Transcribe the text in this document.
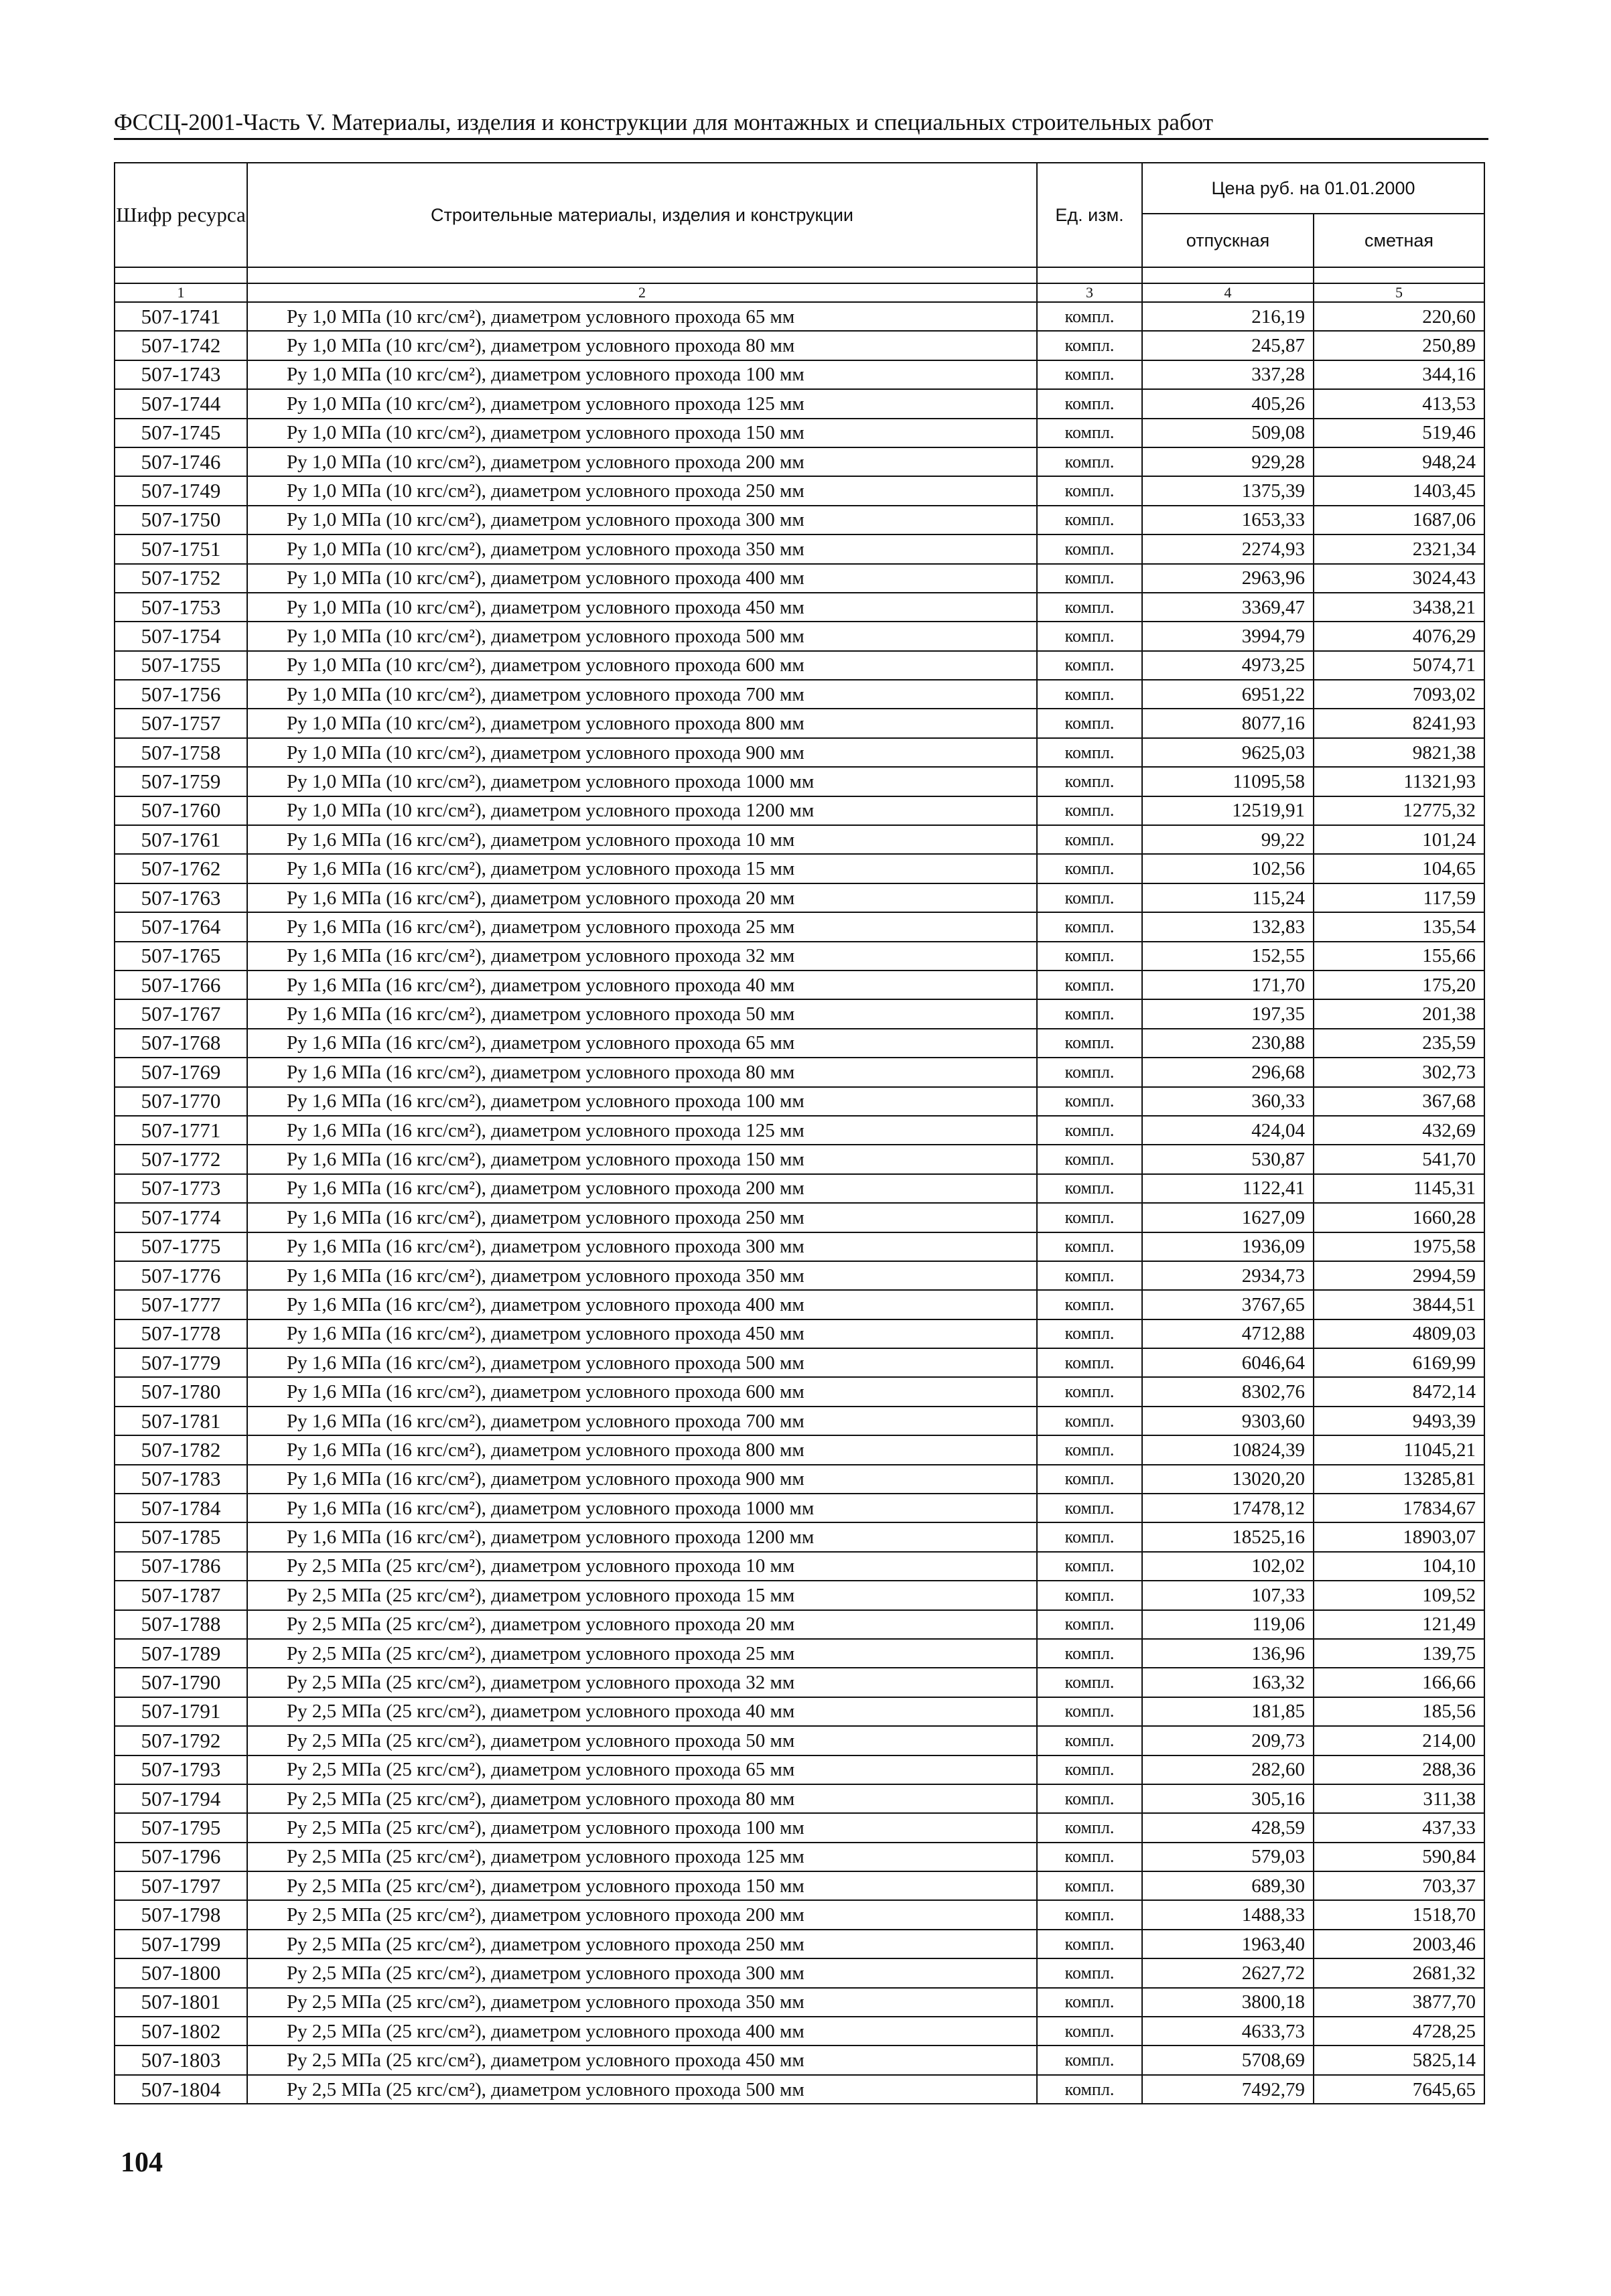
ФССЦ-2001-Часть V. Материалы, изделия и конструкции для монтажных и специальных строительных работ
Шифр ресурса	Строительные материалы, изделия и конструкции	Ед. изм.	Цена руб. на 01.01.2000	
			отпускная	сметная

1	2	3	4	5
507-1741	Ру 1,0 МПа (10 кгс/см²), диаметром условного прохода 65 мм	компл.	216,19	220,60
507-1742	Ру 1,0 МПа (10 кгс/см²), диаметром условного прохода 80 мм	компл.	245,87	250,89
507-1743	Ру 1,0 МПа (10 кгс/см²), диаметром условного прохода 100 мм	компл.	337,28	344,16
507-1744	Ру 1,0 МПа (10 кгс/см²), диаметром условного прохода 125 мм	компл.	405,26	413,53
507-1745	Ру 1,0 МПа (10 кгс/см²), диаметром условного прохода 150 мм	компл.	509,08	519,46
507-1746	Ру 1,0 МПа (10 кгс/см²), диаметром условного прохода 200 мм	компл.	929,28	948,24
507-1749	Ру 1,0 МПа (10 кгс/см²), диаметром условного прохода 250 мм	компл.	1375,39	1403,45
507-1750	Ру 1,0 МПа (10 кгс/см²), диаметром условного прохода 300 мм	компл.	1653,33	1687,06
507-1751	Ру 1,0 МПа (10 кгс/см²), диаметром условного прохода 350 мм	компл.	2274,93	2321,34
507-1752	Ру 1,0 МПа (10 кгс/см²), диаметром условного прохода 400 мм	компл.	2963,96	3024,43
507-1753	Ру 1,0 МПа (10 кгс/см²), диаметром условного прохода 450 мм	компл.	3369,47	3438,21
507-1754	Ру 1,0 МПа (10 кгс/см²), диаметром условного прохода 500 мм	компл.	3994,79	4076,29
507-1755	Ру 1,0 МПа (10 кгс/см²), диаметром условного прохода 600 мм	компл.	4973,25	5074,71
507-1756	Ру 1,0 МПа (10 кгс/см²), диаметром условного прохода 700 мм	компл.	6951,22	7093,02
507-1757	Ру 1,0 МПа (10 кгс/см²), диаметром условного прохода 800 мм	компл.	8077,16	8241,93
507-1758	Ру 1,0 МПа (10 кгс/см²), диаметром условного прохода 900 мм	компл.	9625,03	9821,38
507-1759	Ру 1,0 МПа (10 кгс/см²), диаметром условного прохода 1000 мм	компл.	11095,58	11321,93
507-1760	Ру 1,0 МПа (10 кгс/см²), диаметром условного прохода 1200 мм	компл.	12519,91	12775,32
507-1761	Ру 1,6 МПа (16 кгс/см²), диаметром условного прохода 10 мм	компл.	99,22	101,24
507-1762	Ру 1,6 МПа (16 кгс/см²), диаметром условного прохода 15 мм	компл.	102,56	104,65
507-1763	Ру 1,6 МПа (16 кгс/см²), диаметром условного прохода 20 мм	компл.	115,24	117,59
507-1764	Ру 1,6 МПа (16 кгс/см²), диаметром условного прохода 25 мм	компл.	132,83	135,54
507-1765	Ру 1,6 МПа (16 кгс/см²), диаметром условного прохода 32 мм	компл.	152,55	155,66
507-1766	Ру 1,6 МПа (16 кгс/см²), диаметром условного прохода 40 мм	компл.	171,70	175,20
507-1767	Ру 1,6 МПа (16 кгс/см²), диаметром условного прохода 50 мм	компл.	197,35	201,38
507-1768	Ру 1,6 МПа (16 кгс/см²), диаметром условного прохода 65 мм	компл.	230,88	235,59
507-1769	Ру 1,6 МПа (16 кгс/см²), диаметром условного прохода 80 мм	компл.	296,68	302,73
507-1770	Ру 1,6 МПа (16 кгс/см²), диаметром условного прохода 100 мм	компл.	360,33	367,68
507-1771	Ру 1,6 МПа (16 кгс/см²), диаметром условного прохода 125 мм	компл.	424,04	432,69
507-1772	Ру 1,6 МПа (16 кгс/см²), диаметром условного прохода 150 мм	компл.	530,87	541,70
507-1773	Ру 1,6 МПа (16 кгс/см²), диаметром условного прохода 200 мм	компл.	1122,41	1145,31
507-1774	Ру 1,6 МПа (16 кгс/см²), диаметром условного прохода 250 мм	компл.	1627,09	1660,28
507-1775	Ру 1,6 МПа (16 кгс/см²), диаметром условного прохода 300 мм	компл.	1936,09	1975,58
507-1776	Ру 1,6 МПа (16 кгс/см²), диаметром условного прохода 350 мм	компл.	2934,73	2994,59
507-1777	Ру 1,6 МПа (16 кгс/см²), диаметром условного прохода 400 мм	компл.	3767,65	3844,51
507-1778	Ру 1,6 МПа (16 кгс/см²), диаметром условного прохода 450 мм	компл.	4712,88	4809,03
507-1779	Ру 1,6 МПа (16 кгс/см²), диаметром условного прохода 500 мм	компл.	6046,64	6169,99
507-1780	Ру 1,6 МПа (16 кгс/см²), диаметром условного прохода 600 мм	компл.	8302,76	8472,14
507-1781	Ру 1,6 МПа (16 кгс/см²), диаметром условного прохода 700 мм	компл.	9303,60	9493,39
507-1782	Ру 1,6 МПа (16 кгс/см²), диаметром условного прохода 800 мм	компл.	10824,39	11045,21
507-1783	Ру 1,6 МПа (16 кгс/см²), диаметром условного прохода 900 мм	компл.	13020,20	13285,81
507-1784	Ру 1,6 МПа (16 кгс/см²), диаметром условного прохода 1000 мм	компл.	17478,12	17834,67
507-1785	Ру 1,6 МПа (16 кгс/см²), диаметром условного прохода 1200 мм	компл.	18525,16	18903,07
507-1786	Ру 2,5 МПа (25 кгс/см²), диаметром условного прохода 10 мм	компл.	102,02	104,10
507-1787	Ру 2,5 МПа (25 кгс/см²), диаметром условного прохода 15 мм	компл.	107,33	109,52
507-1788	Ру 2,5 МПа (25 кгс/см²), диаметром условного прохода 20 мм	компл.	119,06	121,49
507-1789	Ру 2,5 МПа (25 кгс/см²), диаметром условного прохода 25 мм	компл.	136,96	139,75
507-1790	Ру 2,5 МПа (25 кгс/см²), диаметром условного прохода 32 мм	компл.	163,32	166,66
507-1791	Ру 2,5 МПа (25 кгс/см²), диаметром условного прохода 40 мм	компл.	181,85	185,56
507-1792	Ру 2,5 МПа (25 кгс/см²), диаметром условного прохода 50 мм	компл.	209,73	214,00
507-1793	Ру 2,5 МПа (25 кгс/см²), диаметром условного прохода 65 мм	компл.	282,60	288,36
507-1794	Ру 2,5 МПа (25 кгс/см²), диаметром условного прохода 80 мм	компл.	305,16	311,38
507-1795	Ру 2,5 МПа (25 кгс/см²), диаметром условного прохода 100 мм	компл.	428,59	437,33
507-1796	Ру 2,5 МПа (25 кгс/см²), диаметром условного прохода 125 мм	компл.	579,03	590,84
507-1797	Ру 2,5 МПа (25 кгс/см²), диаметром условного прохода 150 мм	компл.	689,30	703,37
507-1798	Ру 2,5 МПа (25 кгс/см²), диаметром условного прохода 200 мм	компл.	1488,33	1518,70
507-1799	Ру 2,5 МПа (25 кгс/см²), диаметром условного прохода 250 мм	компл.	1963,40	2003,46
507-1800	Ру 2,5 МПа (25 кгс/см²), диаметром условного прохода 300 мм	компл.	2627,72	2681,32
507-1801	Ру 2,5 МПа (25 кгс/см²), диаметром условного прохода 350 мм	компл.	3800,18	3877,70
507-1802	Ру 2,5 МПа (25 кгс/см²), диаметром условного прохода 400 мм	компл.	4633,73	4728,25
507-1803	Ру 2,5 МПа (25 кгс/см²), диаметром условного прохода 450 мм	компл.	5708,69	5825,14
507-1804	Ру 2,5 МПа (25 кгс/см²), диаметром условного прохода 500 мм	компл.	7492,79	7645,65
104
